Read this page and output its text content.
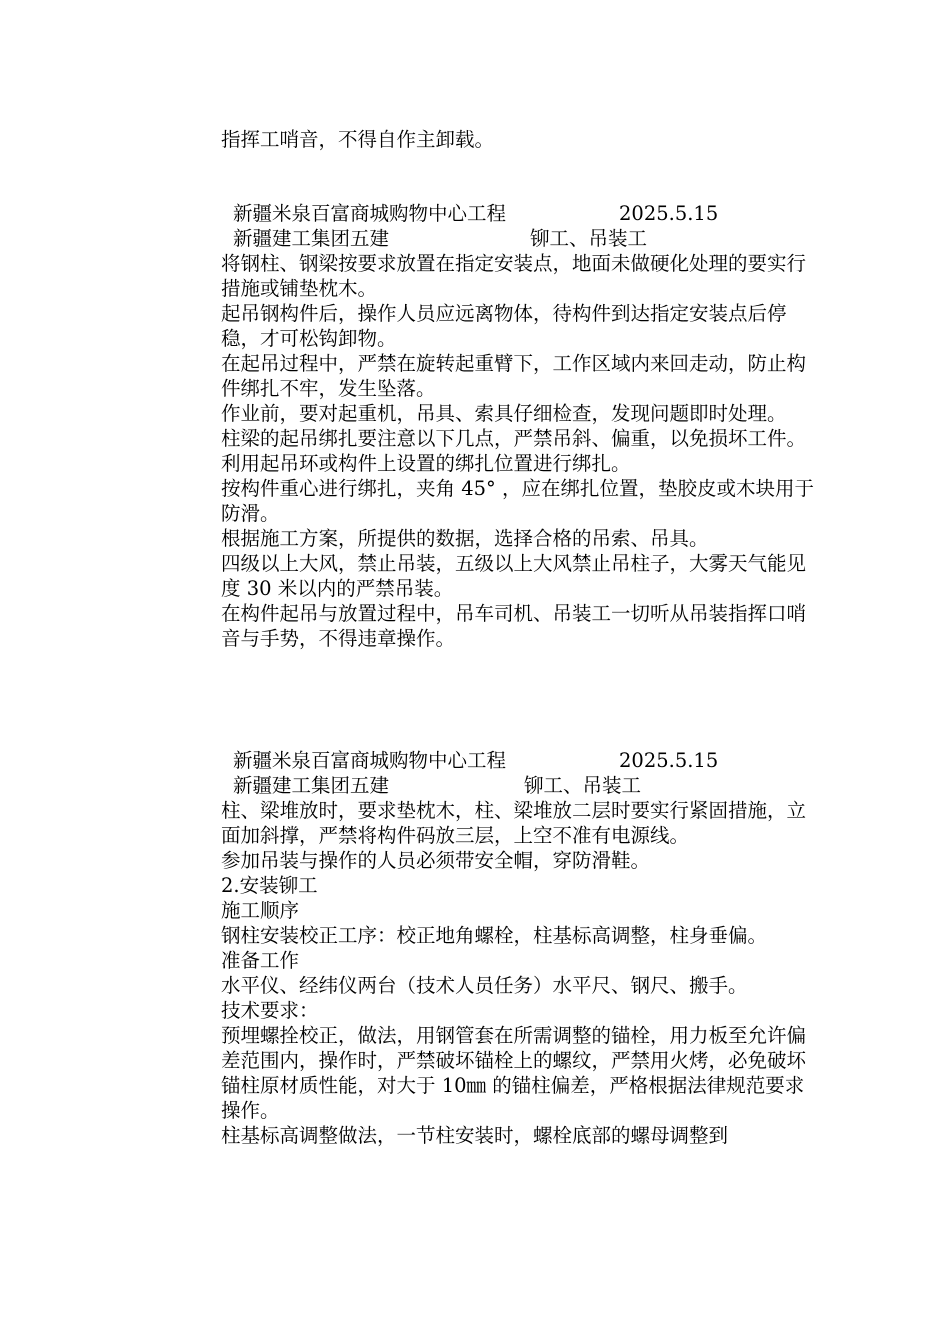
指挥工哨音，不得自作主卸载。

新疆米泉百富商城购物中心工程	2025.5.15
新疆建工集团五建	铆工、吊装工

将钢柱、钢梁按要求放置在指定安装点，地面未做硬化处理的要实行措施或铺垫枕木。

起吊钢构件后，操作人员应远离物体，待构件到达指定安装点后停稳，才可松钩卸物。

在起吊过程中，严禁在旋转起重臂下，工作区域内来回走动，防止构件绑扎不牢，发生坠落。

作业前，要对起重机，吊具、索具仔细检查，发现问题即时处理。

柱梁的起吊绑扎要注意以下几点，严禁吊斜、偏重，以免损坏工件。

利用起吊环或构件上设置的绑扎位置进行绑扎。

按构件重心进行绑扎，夹角 45° ，应在绑扎位置，垫胶皮或木块用于防滑。

根据施工方案，所提供的数据，选择合格的吊索、吊具。

四级以上大风，禁止吊装，五级以上大风禁止吊柱子，大雾天气能见度 30 米以内的严禁吊装。

在构件起吊与放置过程中，吊车司机、吊装工一切听从吊装指挥口哨音与手势，不得违章操作。

新疆米泉百富商城购物中心工程	2025.5.15
新疆建工集团五建	铆工、吊装工

柱、梁堆放时，要求垫枕木，柱、梁堆放二层时要实行紧固措施，立面加斜撑，严禁将构件码放三层，上空不准有电源线。

参加吊装与操作的人员必须带安全帽，穿防滑鞋。

2.安装铆工

施工顺序

钢柱安装校正工序：校正地角螺栓，柱基标高调整，柱身垂偏。

准备工作

水平仪、经纬仪两台（技术人员任务）水平尺、钢尺、搬手。

技术要求：

预埋螺拴校正，做法，用钢管套在所需调整的锚栓，用力板至允许偏差范围内，操作时，严禁破坏锚栓上的螺纹，严禁用火烤，必免破坏锚柱原材质性能，对大于 10㎜ 的锚柱偏差，严格根据法律规范要求操作。

柱基标高调整做法，一节柱安装时，螺栓底部的螺母调整到
